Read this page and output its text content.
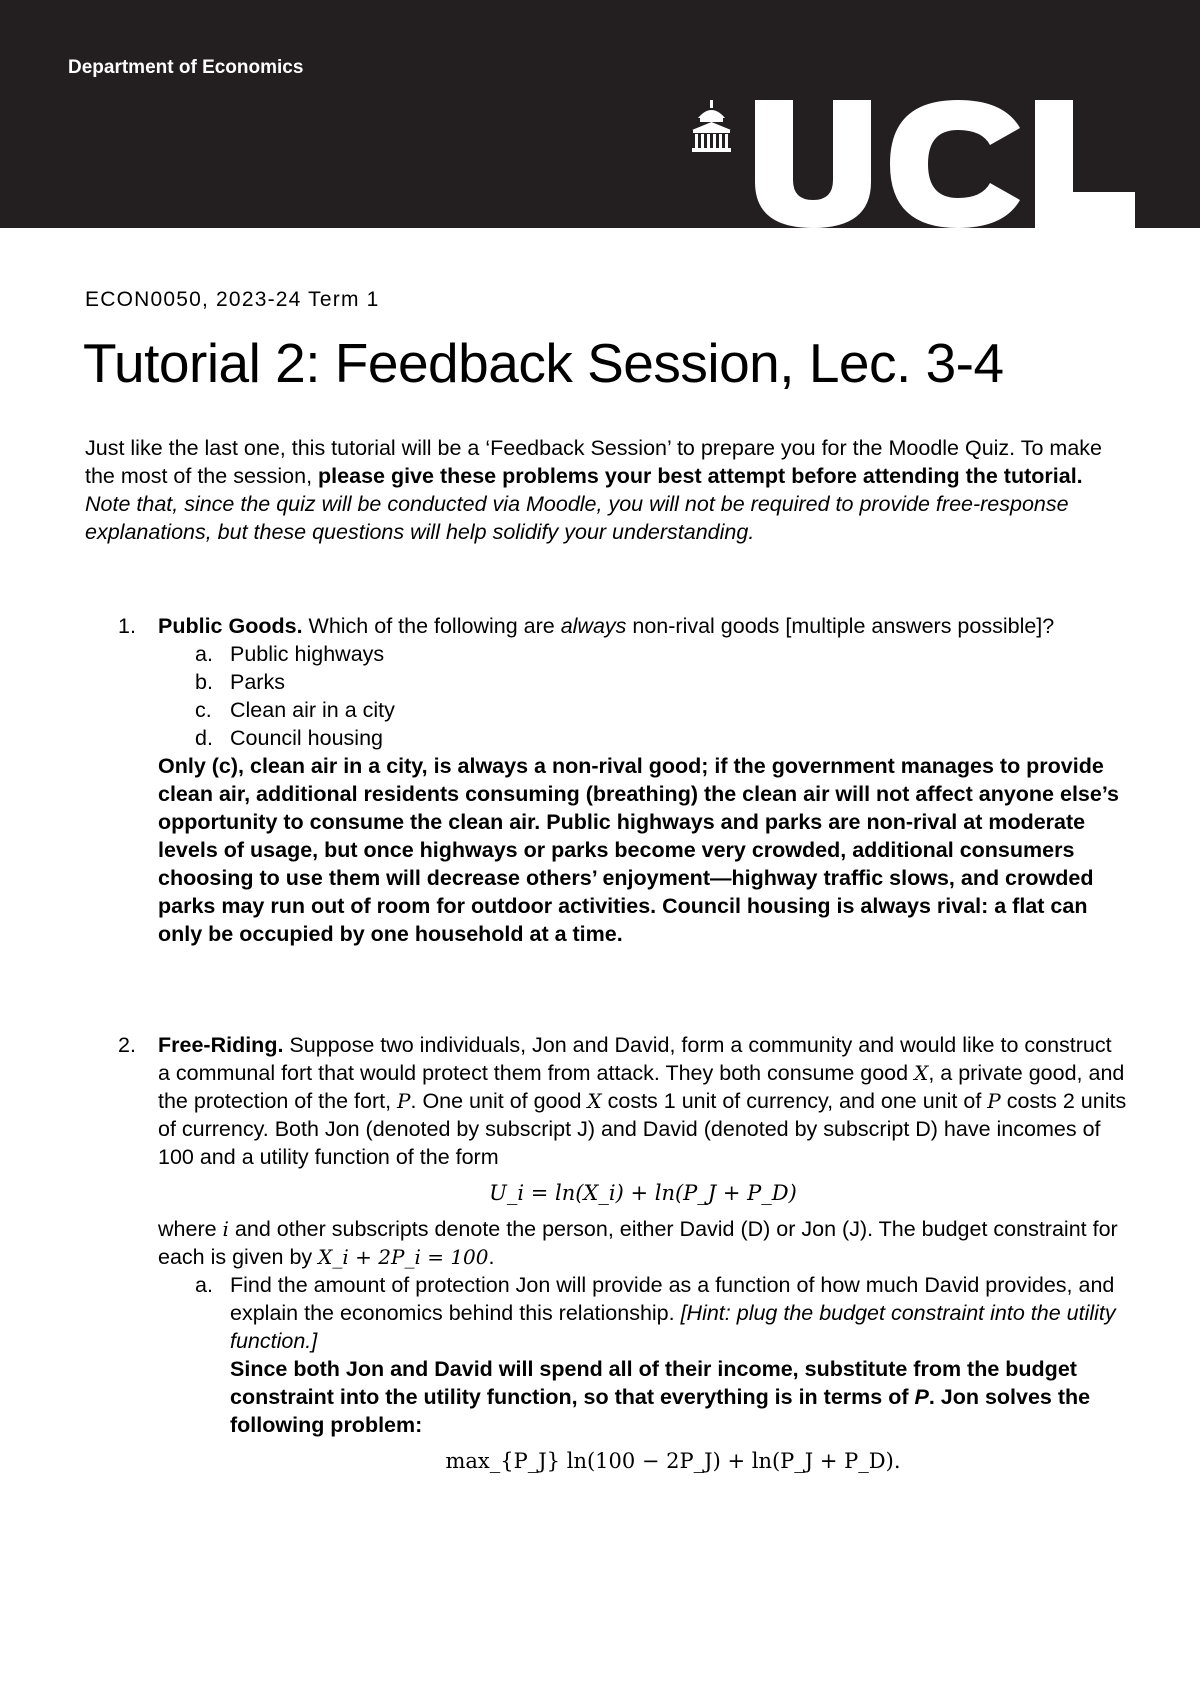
Department of Economics
ECON0050, 2023-24 Term 1
Tutorial 2: Feedback Session, Lec. 3-4
Just like the last one, this tutorial will be a ‘Feedback Session’ to prepare you for the Moodle Quiz. To make the most of the session, please give these problems your best attempt before attending the tutorial. Note that, since the quiz will be conducted via Moodle, you will not be required to provide free-response explanations, but these questions will help solidify your understanding.
1. Public Goods. Which of the following are always non-rival goods [multiple answers possible]?
a. Public highways
b. Parks
c. Clean air in a city
d. Council housing
Only (c), clean air in a city, is always a non-rival good; if the government manages to provide clean air, additional residents consuming (breathing) the clean air will not affect anyone else’s opportunity to consume the clean air. Public highways and parks are non-rival at moderate levels of usage, but once highways or parks become very crowded, additional consumers choosing to use them will decrease others’ enjoyment—highway traffic slows, and crowded parks may run out of room for outdoor activities. Council housing is always rival: a flat can only be occupied by one household at a time.
2. Free-Riding. Suppose two individuals, Jon and David, form a community and would like to construct a communal fort that would protect them from attack. They both consume good X, a private good, and the protection of the fort, P. One unit of good X costs 1 unit of currency, and one unit of P costs 2 units of currency. Both Jon (denoted by subscript J) and David (denoted by subscript D) have incomes of 100 and a utility function of the form
U_i = ln(X_i) + ln(P_J + P_D)
where i and other subscripts denote the person, either David (D) or Jon (J). The budget constraint for each is given by X_i + 2P_i = 100.
a. Find the amount of protection Jon will provide as a function of how much David provides, and explain the economics behind this relationship. [Hint: plug the budget constraint into the utility function.]
Since both Jon and David will spend all of their income, substitute from the budget constraint into the utility function, so that everything is in terms of P. Jon solves the following problem:
max_{P_J} ln(100 − 2P_J) + ln(P_J + P_D).
